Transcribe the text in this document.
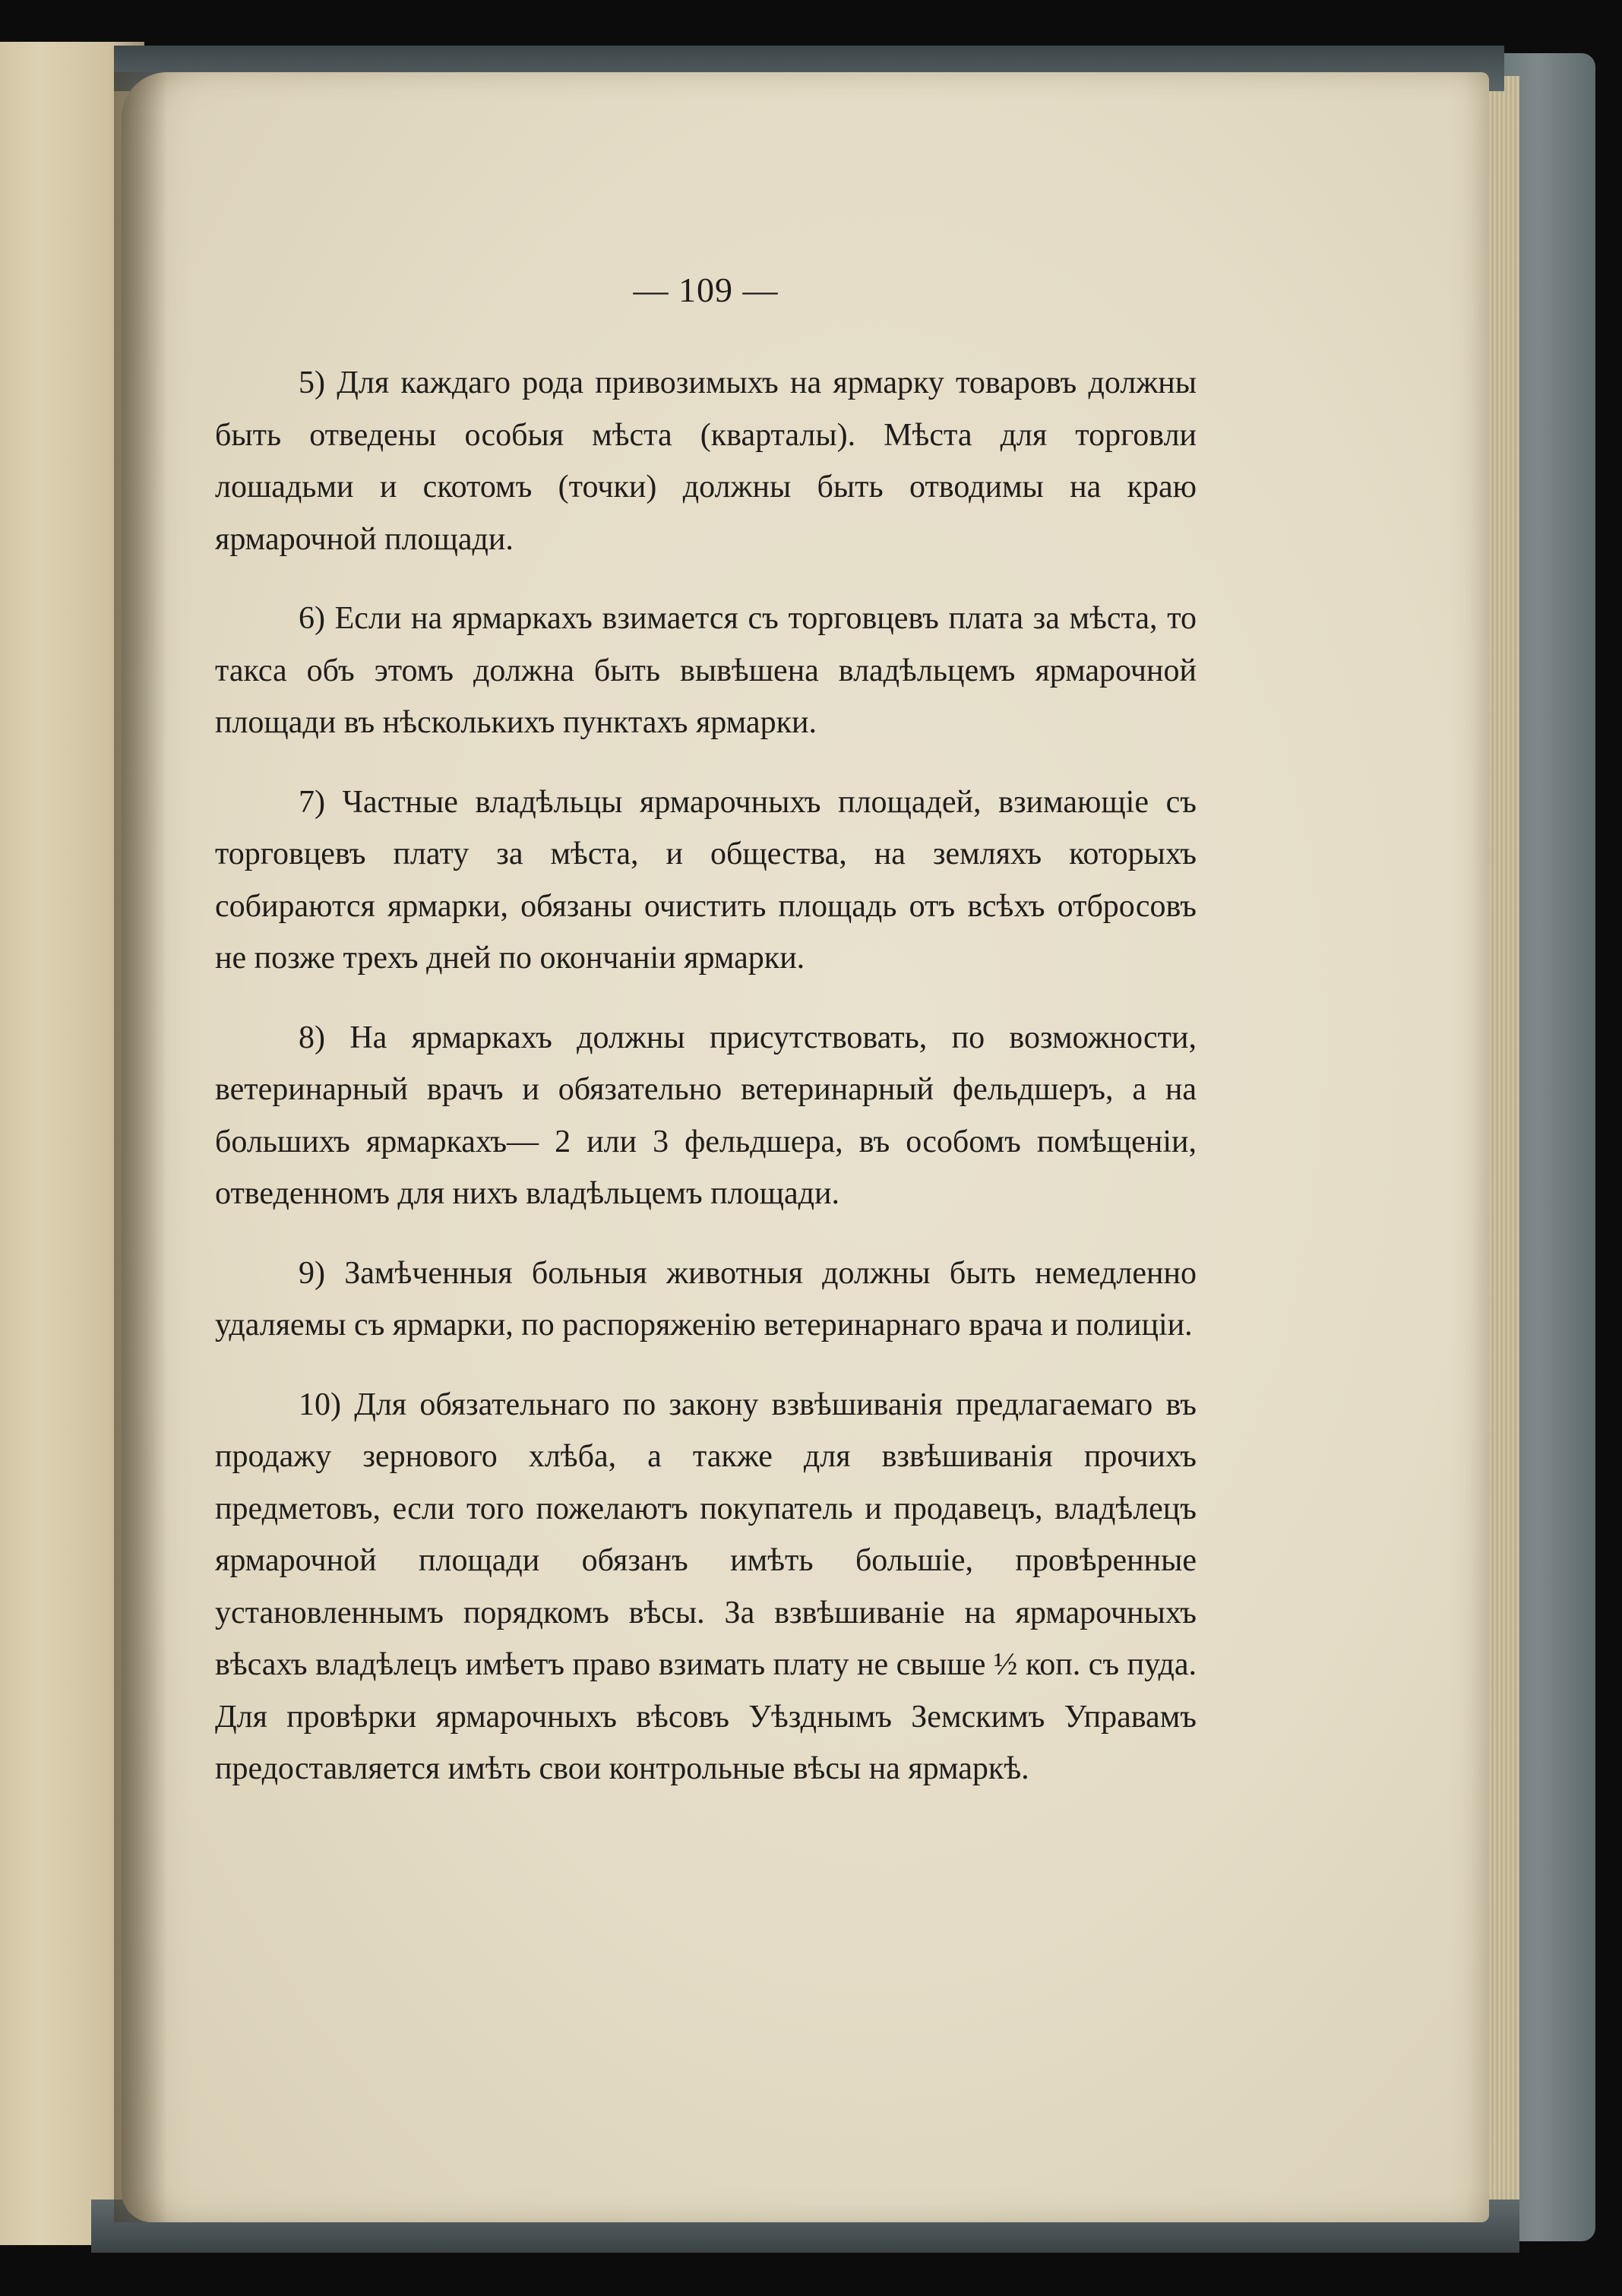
— 109 —

5) Для каждаго рода привозимыхъ на ярмарку товаровъ должны быть отведены особыя мѣста (кварталы). Мѣста для торговли лошадьми и скотомъ (точки) должны быть отводимы на краю ярмарочной площади.

6) Если на ярмаркахъ взимается съ торговцевъ плата за мѣста, то такса объ этомъ должна быть вывѣшена владѣльцемъ ярмарочной площади въ нѣсколькихъ пунктахъ ярмарки.

7) Частные владѣльцы ярмарочныхъ площадей, взимающіе съ торговцевъ плату за мѣста, и общества, на земляхъ которыхъ собираются ярмарки, обязаны очистить площадь отъ всѣхъ отбросовъ не позже трехъ дней по окончаніи ярмарки.

8) На ярмаркахъ должны присутствовать, по возможности, ветеринарный врачъ и обязательно ветеринарный фельдшеръ, а на большихъ ярмаркахъ— 2 или 3 фельдшера, въ особомъ помѣщеніи, отведенномъ для нихъ владѣльцемъ площади.

9) Замѣченныя больныя животныя должны быть немедленно удаляемы съ ярмарки, по распоряженію ветеринарнаго врача и полиціи.

10) Для обязательнаго по закону взвѣшиванія предлагаемаго въ продажу зернового хлѣба, а также для взвѣшиванія прочихъ предметовъ, если того пожелаютъ покупатель и продавецъ, владѣлецъ ярмарочной площади обязанъ имѣть большіе, провѣренные установленнымъ порядкомъ вѣсы. За взвѣшиваніе на ярмарочныхъ вѣсахъ владѣлецъ имѣетъ право взимать плату не свыше ½ коп. съ пуда. Для провѣрки ярмарочныхъ вѣсовъ Уѣзднымъ Земскимъ Управамъ предоставляется имѣть свои контрольные вѣсы на ярмаркѣ.
